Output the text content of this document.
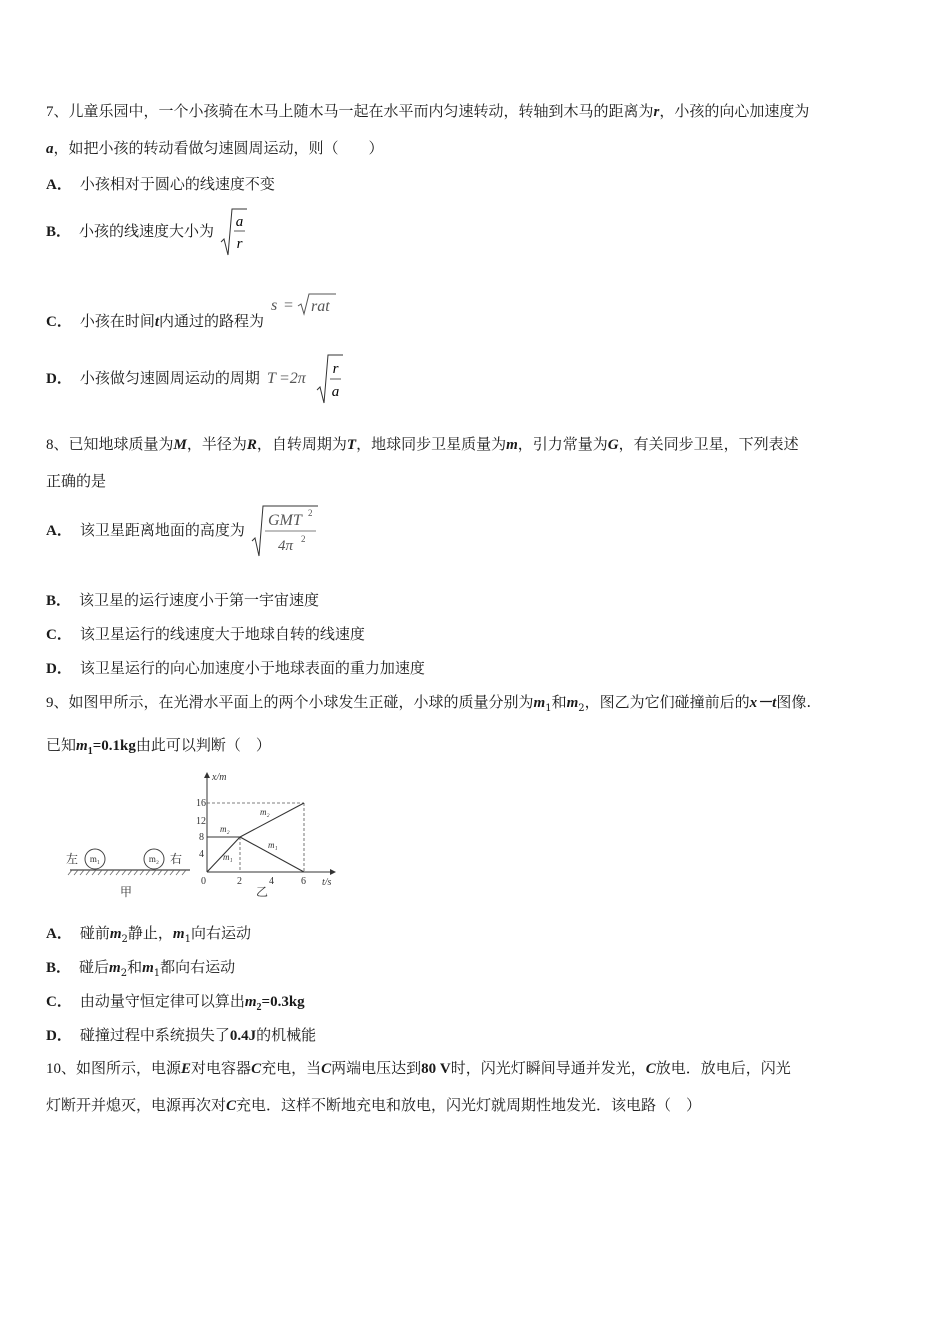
7、儿童乐园中，一个小孩骑在木马上随木马一起在水平而内匀速转动，转轴到木马的距离为r，小孩的向心加速度为
a，如把小孩的转动看做匀速圆周运动，则（　　）
A． 小孩相对于圆心的线速度不变
B． 小孩的线速度大小为 a
r
C． 小孩在时间t内通过的路程为
s = rat
D． 小孩做匀速圆周运动的周期 T =2π
r
a
8、已知地球质量为M，半径为R，自转周期为T，地球同步卫星质量为m，引力常量为G，有关同步卫星，下列表述
正确的是
A． 该卫星距离地面的高度为
GMT 2
4π 2
B． 该卫星的运行速度小于第一宇宙速度
C． 该卫星运行的线速度大于地球自转的线速度
D． 该卫星运行的向心加速度小于地球表面的重力加速度
9、如图甲所示，在光滑水平面上的两个小球发生正碰，小球的质量分别为$m_1$和$m_2$，图乙为它们碰撞前后的x－t图像.
已知$m_1=0.1kg$由此可以判断（　）
m₁	m₂
左	右
甲
x/m
t/s
16
12
8
4
0	2	4	6
m₂
m₂
m₁
m₁
乙
A． 碰前$m_2$静止，$m_1$向右运动
B． 碰后$m_2$和$m_1$都向右运动
C． 由动量守恒定律可以算出$m_2=0.3kg$
D． 碰撞过程中系统损失了0.4J的机械能
10、如图所示，电源E对电容器C充电，当C两端电压达到80 V时，闪光灯瞬间导通并发光，C放电．放电后，闪光
灯断开并熄灭，电源再次对C充电．这样不断地充电和放电，闪光灯就周期性地发光．该电路（　）
